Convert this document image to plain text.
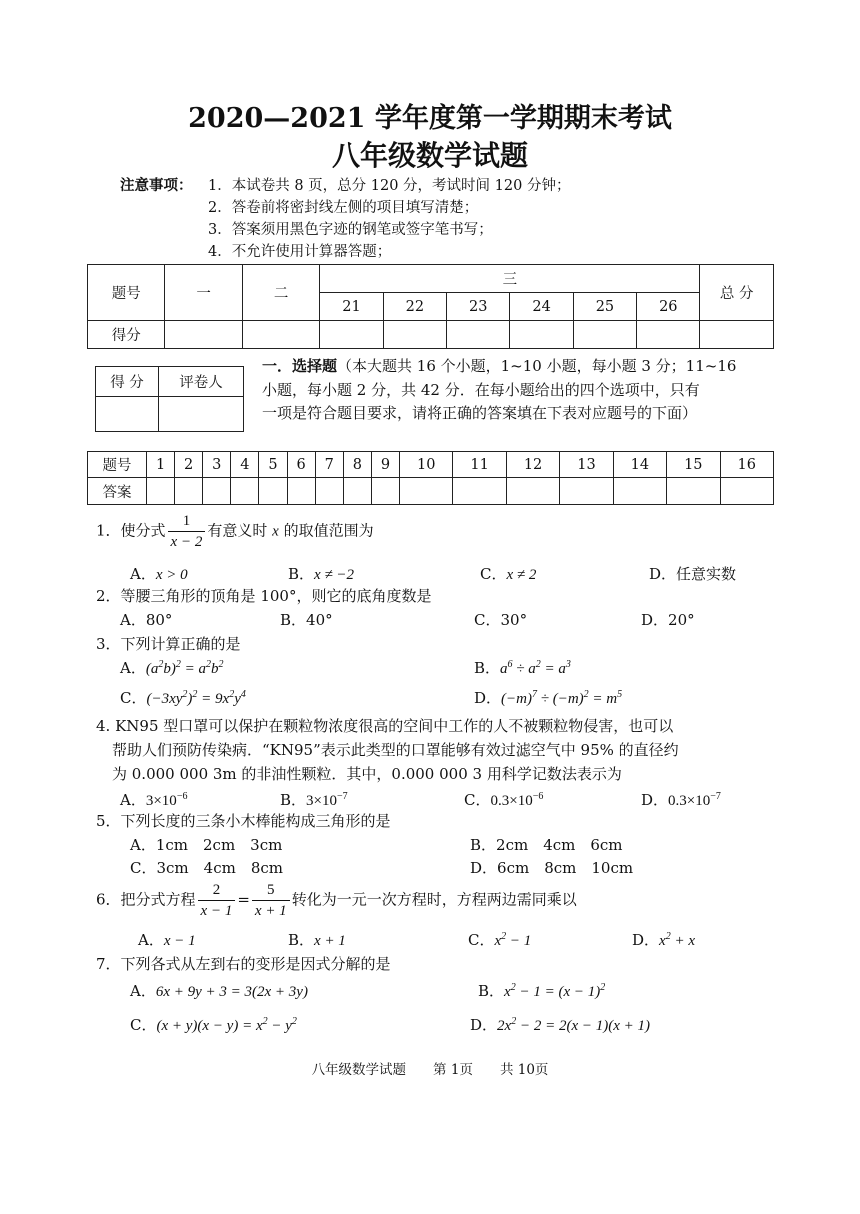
2020—2021 学年度第一学期期末考试
八年级数学试题
注意事项： 1．本试卷共 8 页，总分 120 分，考试时间 120 分钟；
2．答卷前将密封线左侧的项目填写清楚；
3．答案须用黑色字迹的钢笔或签字笔书写；
4．不允许使用计算器答题；
题号	一	二	三						总 分
			21	22	23	24	25	26	
得分									
得 分	评卷人

一．选择题（本大题共 16 个小题，1~10 小题，每小题 3 分；11~16
小题，每小题 2 分，共 42 分．在每小题给出的四个选项中，只有
一项是符合题目要求，请将正确的答案填在下表对应题号的下面）
题号	1	2	3	4	5	6	7	8	9	10	11	12	13	14	15	16
答案																
1．使分式 $\frac{1}{x - 2}$ 有意义时 x 的取值范围为
A．x > 0	B．x ≠ −2	C．x ≠ 2	D．任意实数
2．等腰三角形的顶角是 100°，则它的底角度数是
A．80°	B．40°	C．30°	D．20°
3．下列计算正确的是
A．$(a^2b)^2 = a^2b^2$	B．$a^6 \div a^2 = a^3$
C．$(-3xy^2)^2 = 9x^2y^4$	D．$(-m)^7 \div (-m)^2 = m^5$
4. KN95 型口罩可以保护在颗粒物浓度很高的空间中工作的人不被颗粒物侵害，也可以
帮助人们预防传染病．“KN95”表示此类型的口罩能够有效过滤空气中 95% 的直径约
为 0.000 000 3m 的非油性颗粒．其中，0.000 000 3 用科学记数法表示为
A．$3\times 10^{-6}$	B．$3\times 10^{-7}$	C．$0.3\times 10^{-6}$	D．$0.3\times 10^{-7}$
5．下列长度的三条小木棒能构成三角形的是
A．1cm　2cm　3cm	B．2cm　4cm　6cm
C．3cm　4cm　8cm	D．6cm　8cm　10cm
6．把分式方程 $\frac{2}{x - 1} = \frac{5}{x + 1}$ 转化为一元一次方程时，方程两边需同乘以
A．x − 1	B．x + 1	C．$x^2 - 1$	D．$x^2 + x$
7．下列各式从左到右的变形是因式分解的是
A．6x + 9y + 3 = 3(2x + 3y)	B．$x^2 - 1 = (x - 1)^2$
C．$(x + y)(x - y) = x^2 - y^2$	D．$2x^2 - 2 = 2(x - 1)(x + 1)$
八年级数学试题　　第 1页　　共 10页
